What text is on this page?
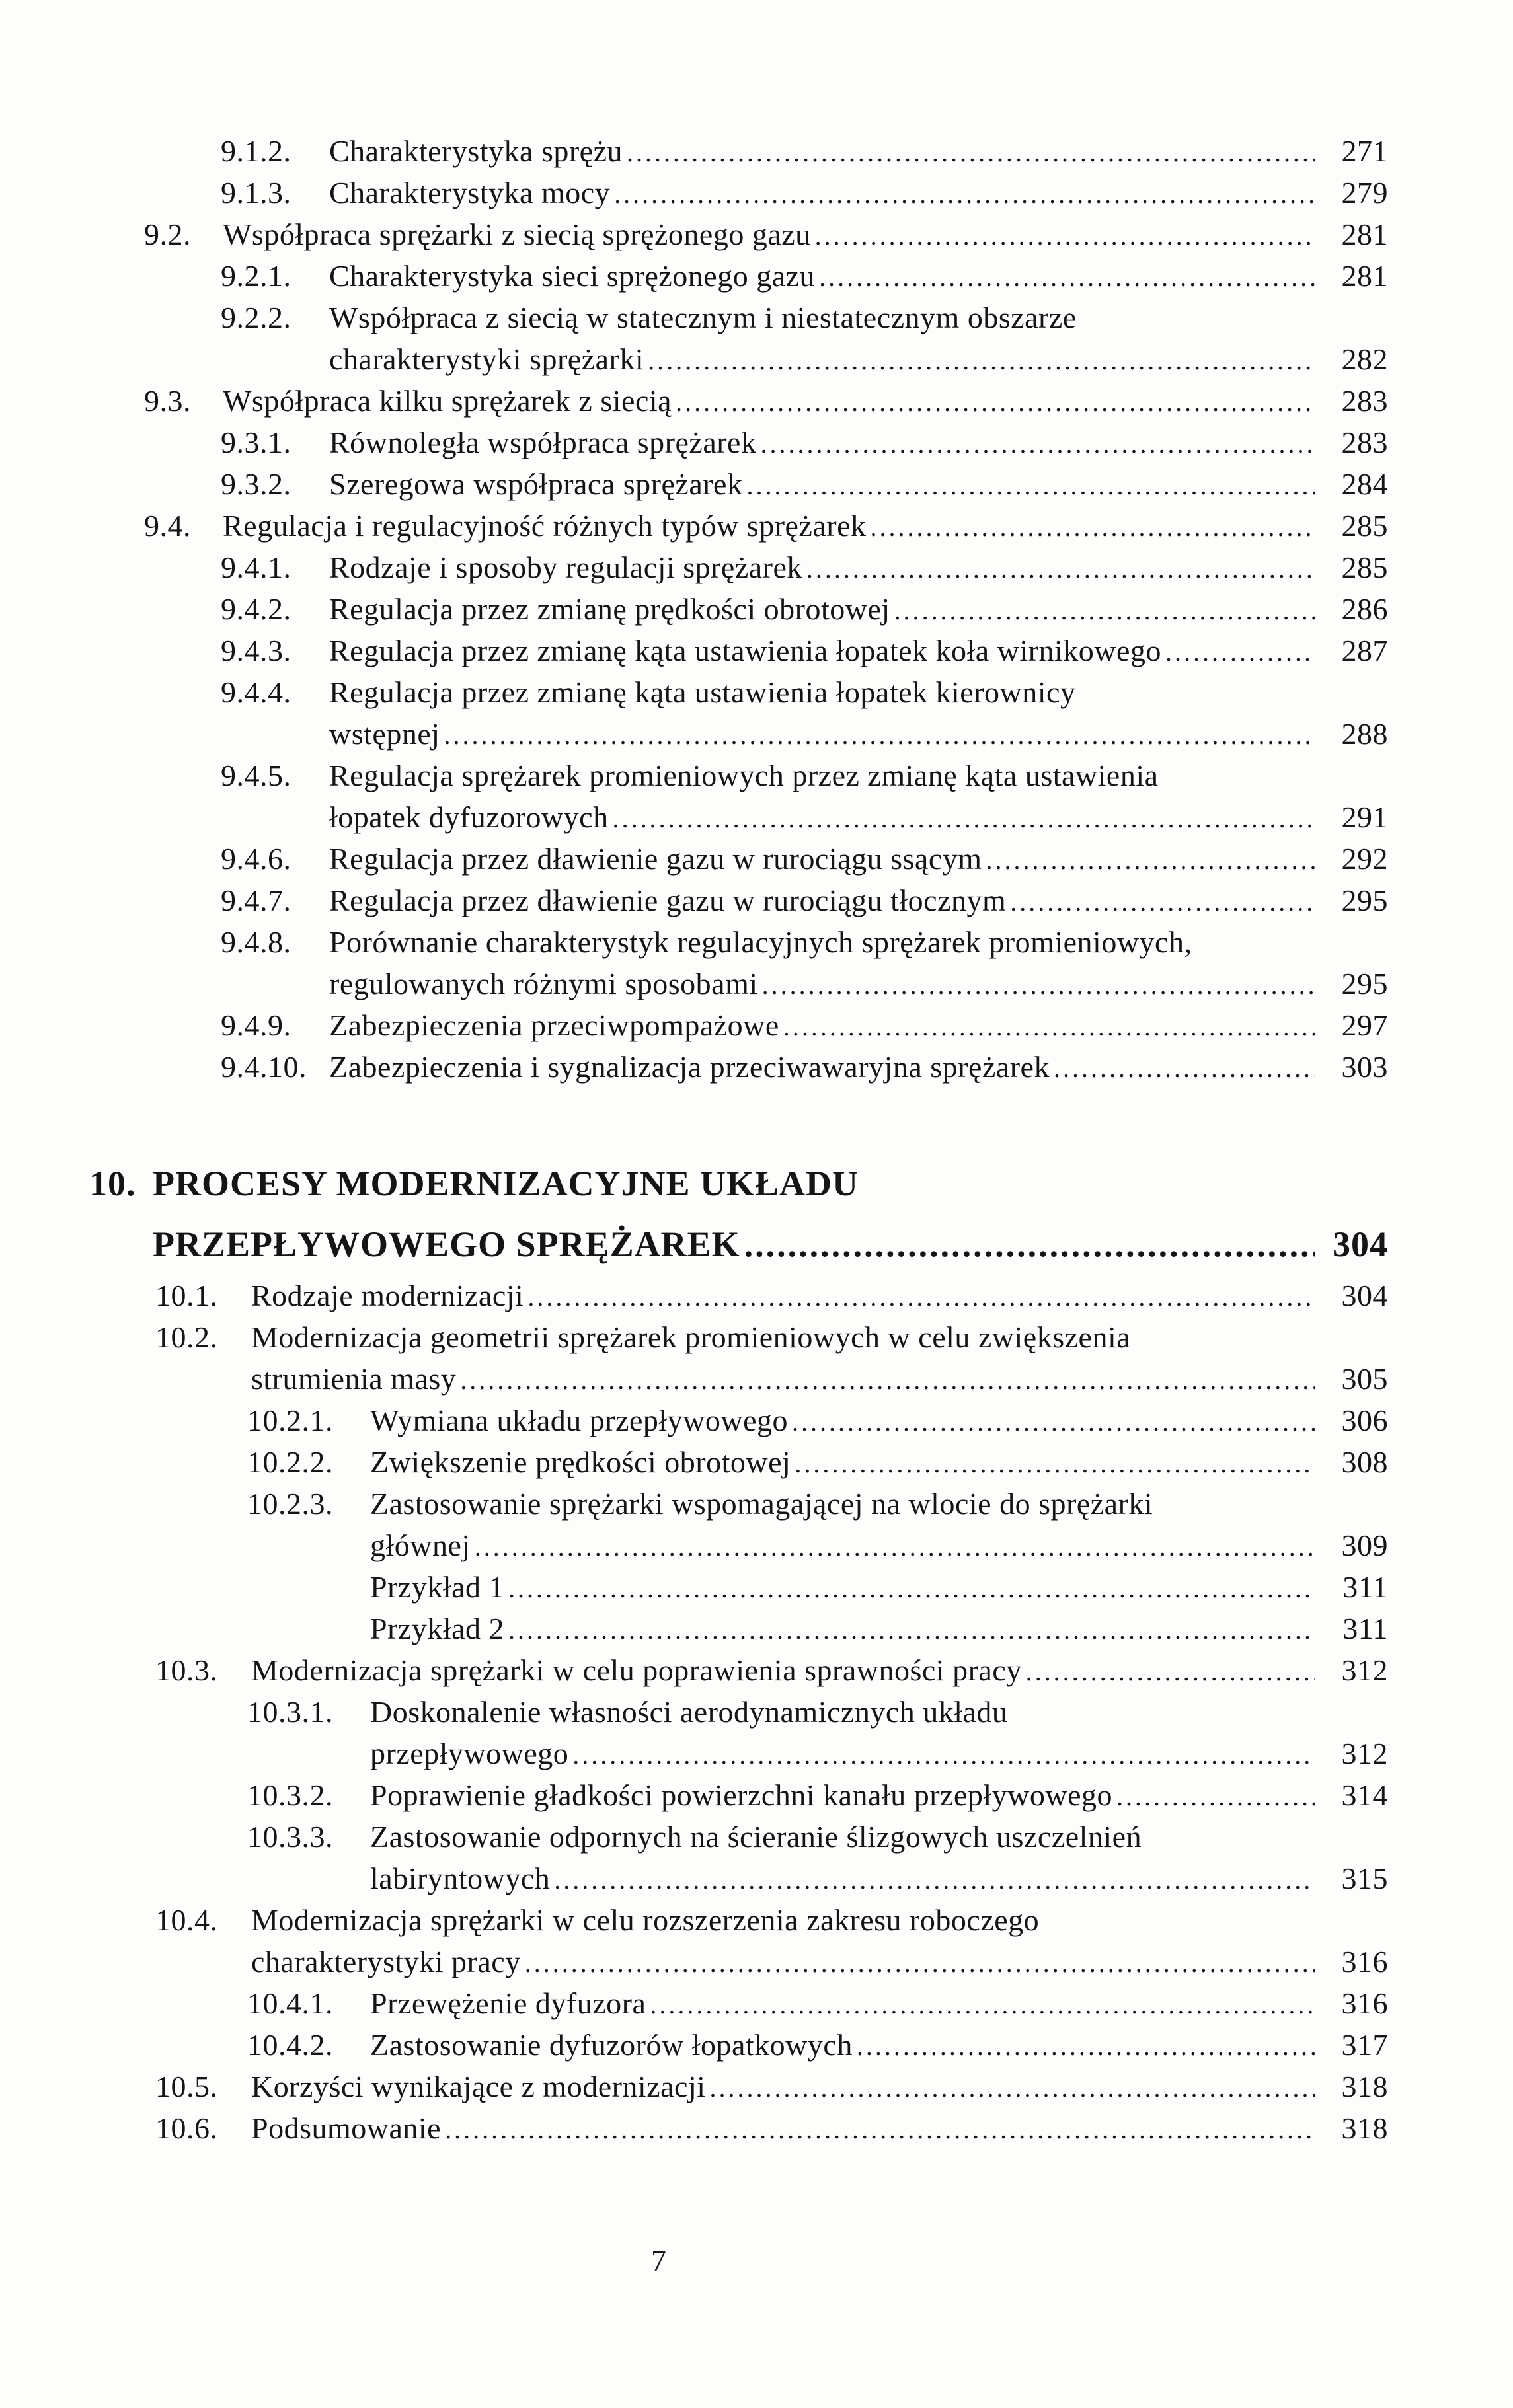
9.1.2.	Charakterystyka sprężu .....	271
9.1.3.	Charakterystyka mocy .....	279
9.2.	Współpraca sprężarki z siecią sprężonego gazu .....	281
9.2.1.	Charakterystyka sieci sprężonego gazu .....	281
9.2.2.	Współpraca z siecią w statecznym i niestatecznym obszarze
charakterystyki sprężarki .....	282
9.3.	Współpraca kilku sprężarek z siecią .....	283
9.3.1.	Równoległa współpraca sprężarek .....	283
9.3.2.	Szeregowa współpraca sprężarek .....	284
9.4.	Regulacja i regulacyjność różnych typów sprężarek .....	285
9.4.1.	Rodzaje i sposoby regulacji sprężarek .....	285
9.4.2.	Regulacja przez zmianę prędkości obrotowej .....	286
9.4.3.	Regulacja przez zmianę kąta ustawienia łopatek koła wirnikowego .....	287
9.4.4.	Regulacja przez zmianę kąta ustawienia łopatek kierownicy
wstępnej .....	288
9.4.5.	Regulacja sprężarek promieniowych przez zmianę kąta ustawienia
łopatek dyfuzorowych .....	291
9.4.6.	Regulacja przez dławienie gazu w rurociągu ssącym .....	292
9.4.7.	Regulacja przez dławienie gazu w rurociągu tłocznym .....	295
9.4.8.	Porównanie charakterystyk regulacyjnych sprężarek promieniowych,
regulowanych różnymi sposobami .....	295
9.4.9.	Zabezpieczenia przeciwpompażowe .....	297
9.4.10. Zabezpieczenia i sygnalizacja przeciwawaryjna sprężarek .....	303
10. PROCESY MODERNIZACYJNE UKŁADU
PRZEPŁYWOWEGO SPRĘŻAREK .....	304
10.1.	Rodzaje modernizacji .....	304
10.2.	Modernizacja geometrii sprężarek promieniowych w celu zwiększenia
strumienia masy .....	305
10.2.1.	Wymiana układu przepływowego .....	306
10.2.2.	Zwiększenie prędkości obrotowej .....	308
10.2.3.	Zastosowanie sprężarki wspomagającej na wlocie do sprężarki
głównej .....	309
Przykład 1 .....	311
Przykład 2 .....	311
10.3.	Modernizacja sprężarki w celu poprawienia sprawności pracy .....	312
10.3.1.	Doskonalenie własności aerodynamicznych układu
przepływowego .....	312
10.3.2.	Poprawienie gładkości powierzchni kanału przepływowego .....	314
10.3.3.	Zastosowanie odpornych na ścieranie ślizgowych uszczelnień
labiryntowych .....	315
10.4.	Modernizacja sprężarki w celu rozszerzenia zakresu roboczego
charakterystyki pracy .....	316
10.4.1.	Przewężenie dyfuzora .....	316
10.4.2.	Zastosowanie dyfuzorów łopatkowych .....	317
10.5.	Korzyści wynikające z modernizacji .....	318
10.6.	Podsumowanie .....	318
7
